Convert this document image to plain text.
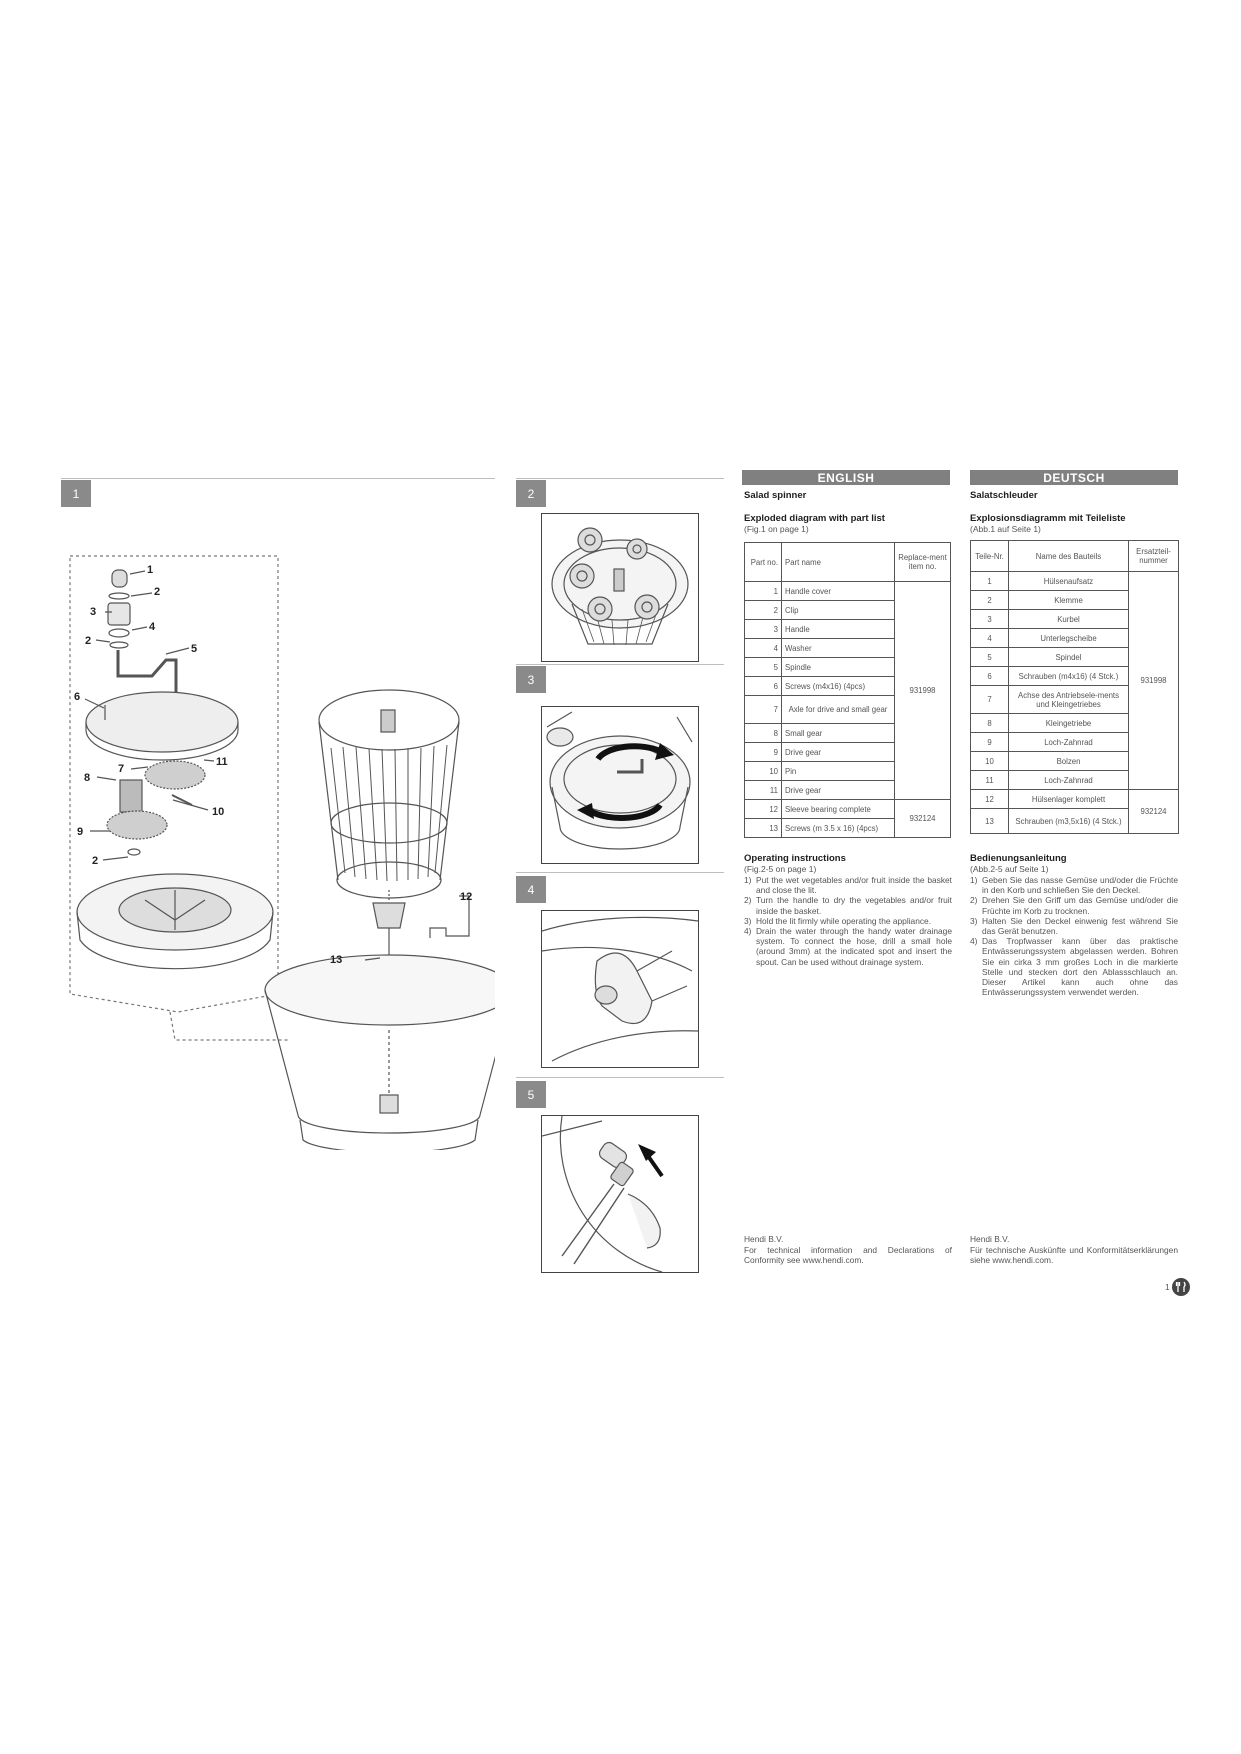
1
1
2
3
4
2
5
6
7
11
8
10
9
2
12
13
2
3
4
5
ENGLISH
Salad spinner
Exploded diagram with part list
(Fig.1 on page 1)
Part no.	Part name	Replace-ment item no.
1	Handle cover	931998
2	Clip	
3	Handle	
4	Washer	
5	Spindle	
6	Screws (m4x16) (4pcs)	
7	Axle for drive and small gear	
8	Small gear	
9	Drive gear	
10	Pin	
11	Drive gear	
12	Sleeve bearing complete	932124
13	Screws (m 3.5 x 16) (4pcs)	
Operating instructions
(Fig.2-5 on page 1)
1) Put the wet vegetables and/or fruit inside the basket and close the lit.
2) Turn the handle to dry the vegetables and/or fruit inside the basket.
3) Hold the lit firmly while operating the appliance.
4) Drain the water through the handy water drainage system. To connect the hose, drill a small hole (around 3mm) at the indicated spot and insert the spout. Can be used without drainage system.
Hendi B.V.
For technical information and Declarations of Conformity see www.hendi.com.
DEUTSCH
Salatschleuder
Explosionsdiagramm mit Teileliste
(Abb.1 auf Seite 1)
Teile-Nr.	Name des Bauteils	Ersatzteil-nummer
1	Hülsenaufsatz	931998
2	Klemme	
3	Kurbel	
4	Unterlegscheibe	
5	Spindel	
6	Schrauben (m4x16) (4 Stck.)	
7	Achse des Antriebsele-ments und Kleingetriebes	
8	Kleingetriebe	
9	Loch-Zahnrad	
10	Bolzen	
11	Loch-Zahnrad	
12	Hülsenlager komplett	932124
13	Schrauben (m3,5x16) (4 Stck.)	
Bedienungsanleitung
(Abb.2-5 auf Seite 1)
1) Geben Sie das nasse Gemüse und/oder die Früchte in den Korb und schließen Sie den Deckel.
2) Drehen Sie den Griff um das Gemüse und/oder die Früchte im Korb zu trocknen.
3) Halten Sie den Deckel einwenig fest während Sie das Gerät benutzen.
4) Das Tropfwasser kann über das praktische Entwässerungssystem abgelassen werden. Bohren Sie ein cirka 3 mm großes Loch in die markierte Stelle und stecken dort den Ablassschlauch an. Dieser Artikel kann auch ohne das Entwässerungssystem verwendet werden.
Hendi B.V.
Für technische Auskünfte und Konformitätserklärungen siehe www.hendi.com.
1
